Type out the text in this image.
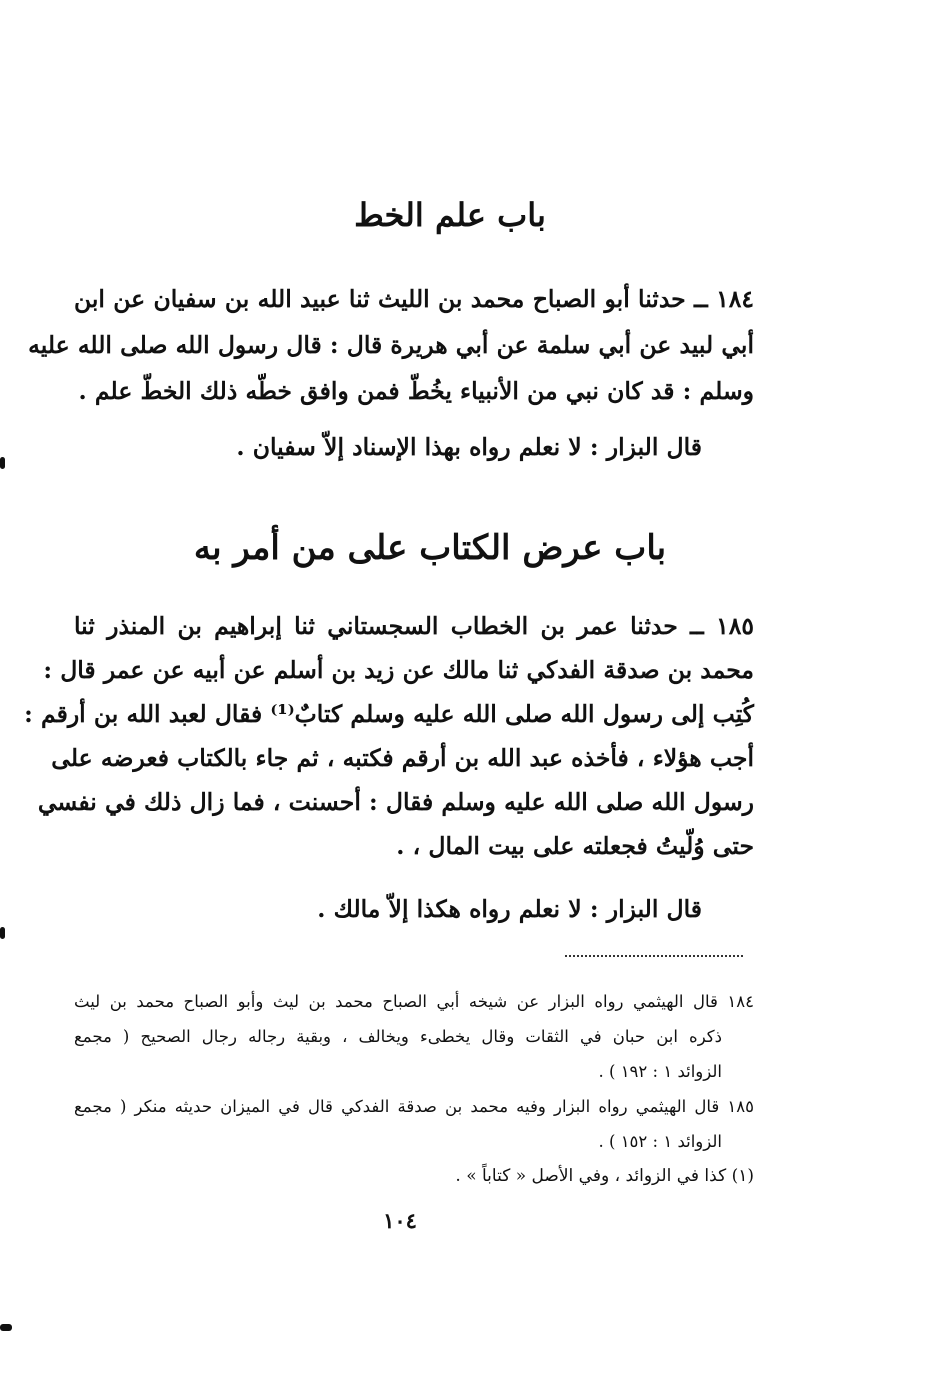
باب علم الخط
١٨٤ ــ حدثنا أبو الصباح محمد بن الليث ثنا عبيد الله بن سفيان عن ابن
أبي لبيد عن أبي سلمة عن أبي هريرة قال : قال رسول الله صلى الله عليه
وسلم : قد كان نبي من الأنبياء يخُطّ فمن وافق خطّه ذلك الخطّ علم .
قال البزار : لا نعلم رواه بهذا الإسناد إلاّ سفيان .
باب عرض الكتاب على من أمر به
١٨٥ ــ حدثنا عمر بن الخطاب السجستاني ثنا إبراهيم بن المنذر ثنا
محمد بن صدقة الفدكي ثنا مالك عن زيد بن أسلم عن أبيه عن عمر قال :
كُتِب إلى رسول الله صلى الله عليه وسلم كتابٌ⁽¹⁾ فقال لعبد الله بن أرقم :
أجب هؤلاء ، فأخذه عبد الله بن أرقم فكتبه ، ثم جاء بالكتاب فعرضه على
رسول الله صلى الله عليه وسلم فقال : أحسنت ، فما زال ذلك في نفسي
حتى وُلّيتُ فجعلته على بيت المال ، .
قال البزار : لا نعلم رواه هكذا إلاّ مالك .
١٨٤ قال الهيثمي رواه البزار عن شيخه أبي الصباح محمد بن ليث وأبو الصباح محمد بن ليث
ذكره ابن حبان في الثقات وقال يخطىء ويخالف ، وبقية رجاله رجال الصحيح ( مجمع
الزوائد ١ : ١٩٢ ) .
١٨٥ قال الهيثمي رواه البزار وفيه محمد بن صدقة الفدكي قال في الميزان حديثه منكر ( مجمع
الزوائد ١ : ١٥٢ ) .
(١) كذا في الزوائد ، وفي الأصل « كتاباً » .
١٠٤
